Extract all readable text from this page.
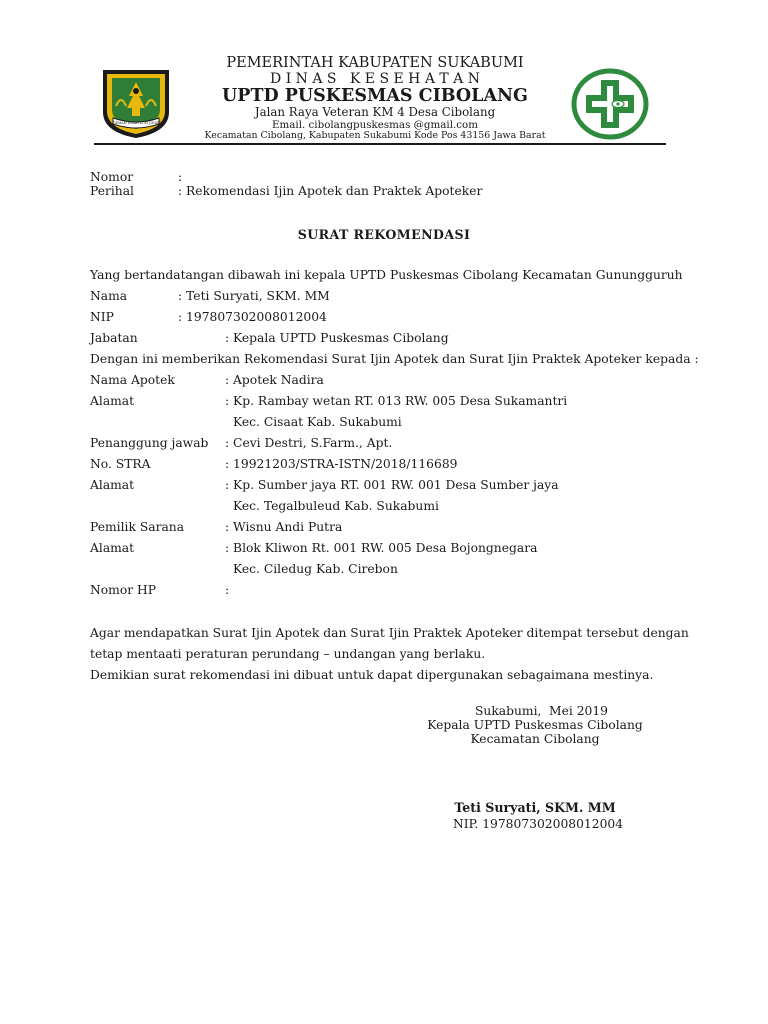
GEMAH RIPAH LOH JINAWI
PEMERINTAH KABUPATEN SUKABUMI
D I N A S   K E S E H A T A N
UPTD PUSKESMAS CIBOLANG
Jalan Raya Veteran KM 4 Desa Cibolang
Email. cibolangpuskesmas @gmail.com
Kecamatan Cibolang, Kabupaten Sukabumi Kode Pos 43156 Jawa Barat
Nomor	:
Perihal	: Rekomendasi Ijin Apotek dan Praktek Apoteker
SURAT REKOMENDASI
Yang bertandatangan dibawah ini kepala UPTD Puskesmas Cibolang Kecamatan Gunungguruh
Nama	: Teti Suryati, SKM. MM
NIP	: 197807302008012004
Jabatan	: Kepala UPTD Puskesmas Cibolang
Dengan ini memberikan Rekomendasi Surat Ijin Apotek dan Surat Ijin Praktek Apoteker kepada :
Nama Apotek	: Apotek Nadira
Alamat	: Kp. Rambay wetan RT. 013 RW. 005 Desa Sukamantri
Kec. Cisaat Kab. Sukabumi
Penanggung jawab : Cevi Destri, S.Farm., Apt.
No. STRA	: 19921203/STRA-ISTN/2018/116689
Alamat	: Kp. Sumber jaya RT. 001 RW. 001 Desa Sumber jaya
Kec. Tegalbuleud Kab. Sukabumi
Pemilik Sarana	: Wisnu Andi Putra
Alamat	: Blok Kliwon Rt. 001 RW. 005 Desa Bojongnegara
Kec. Ciledug Kab. Cirebon
Nomor HP	:
Agar mendapatkan Surat Ijin Apotek dan Surat Ijin Praktek Apoteker ditempat tersebut dengan
tetap mentaati peraturan perundang – undangan yang berlaku.
Demikian surat rekomendasi ini dibuat untuk dapat dipergunakan sebagaimana mestinya.
Sukabumi, Mei 2019
Kepala UPTD Puskesmas Cibolang
Kecamatan Cibolang
Teti Suryati, SKM. MM
NIP. 197807302008012004
